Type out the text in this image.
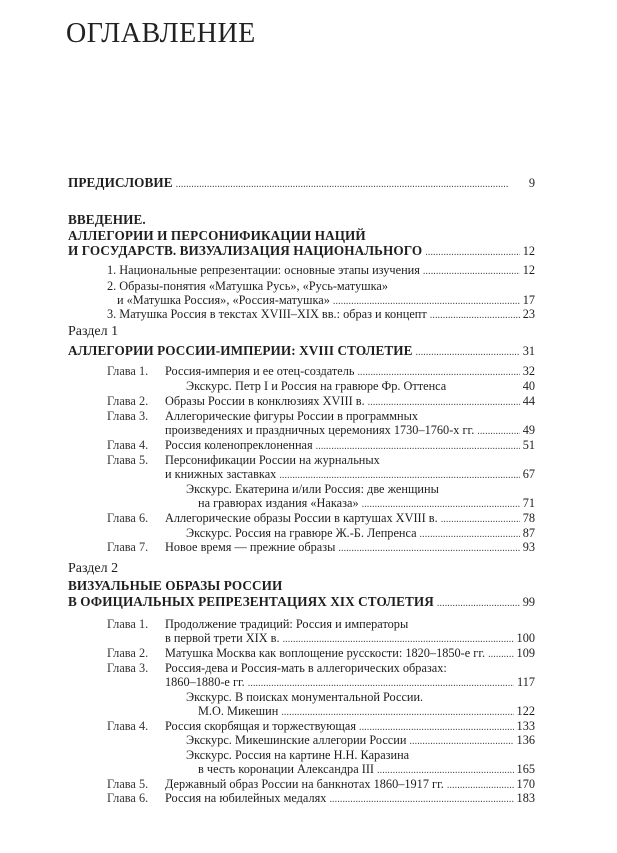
ОГЛАВЛЕНИЕ
ПРЕДИСЛОВИЕ . . .	9
ВВЕДЕНИЕ.
АЛЛЕГОРИИ И ПЕРСОНИФИКАЦИИ НАЦИЙ
И ГОСУДАРСТВ. ВИЗУАЛИЗАЦИЯ НАЦИОНАЛЬНОГО . . .	12
1. Национальные репрезентации: основные этапы изучения . . .	12
2. Образы-понятия «Матушка Русь», «Русь-матушка»
и «Матушка Россия», «Россия-матушка» . . .	17
3. Матушка Россия в текстах XVIII–XIX вв.: образ и концепт . . .	23
Раздел 1
АЛЛЕГОРИИ РОССИИ-ИМПЕРИИ: XVIII СТОЛЕТИЕ . . .	31
Глава 1. Россия-империя и ее отец-создатель . . .	32
Экскурс. Петр I и Россия на гравюре Фр. Оттенса	40
Глава 2. Образы России в конклюзиях XVIII в. . . .	44
Глава 3. Аллегорические фигуры России в программных
произведениях и праздничных церемониях 1730–1760-х гг. . . .	49
Глава 4. Россия коленопреклоненная . . .	51
Глава 5. Персонификации России на журнальных
и книжных заставках . . .	67
Экскурс. Екатерина и/или Россия: две женщины
на гравюрах издания «Наказа» . . .	71
Глава 6. Аллегорические образы России в картушах XVIII в. . . .	78
Экскурс. Россия на гравюре Ж.-Б. Лепренса . . .	87
Глава 7. Новое время — прежние образы . . .	93
Раздел 2
ВИЗУАЛЬНЫЕ ОБРАЗЫ РОССИИ
В ОФИЦИАЛЬНЫХ РЕПРЕЗЕНТАЦИЯХ XIX СТОЛЕТИЯ . . .	99
Глава 1. Продолжение традиций: Россия и императоры
в первой трети XIX в. . . .	100
Глава 2. Матушка Москва как воплощение русскости: 1820–1850-е гг. . . .	109
Глава 3. Россия-дева и Россия-мать в аллегорических образах:
1860–1880-е гг. . . .	117
Экскурс. В поисках монументальной России.
М.О. Микешин . . .	122
Глава 4. Россия скорбящая и торжествующая . . .	133
Экскурс. Микешинские аллегории России . . .	136
Экскурс. Россия на картине Н.Н. Каразина
в честь коронации Александра III . . .	165
Глава 5. Державный образ России на банкнотах 1860–1917 гг. . . .	170
Глава 6. Россия на юбилейных медалях . . .	183
